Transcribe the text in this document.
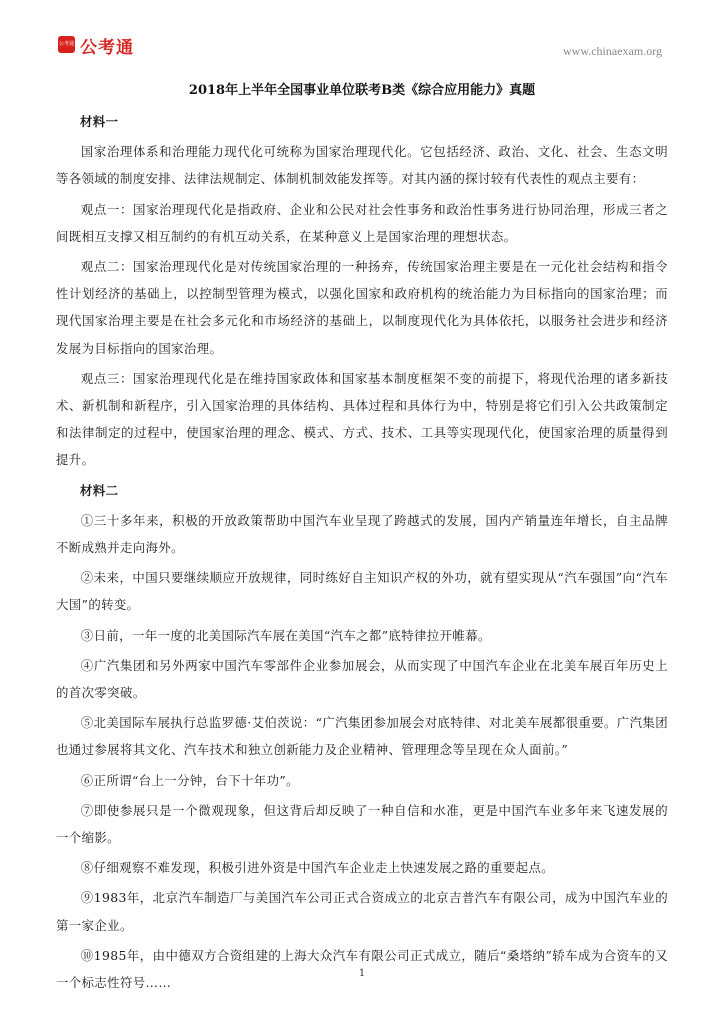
公考通 公考通	www.chinaexam.org
2018年上半年全国事业单位联考B类《综合应用能力》真题
材料一

国家治理体系和治理能力现代化可统称为国家治理现代化。它包括经济、政治、文化、社会、生态文明等各领域的制度安排、法律法规制定、体制机制效能发挥等。对其内涵的探讨较有代表性的观点主要有：

观点一：国家治理现代化是指政府、企业和公民对社会性事务和政治性事务进行协同治理，形成三者之间既相互支撑又相互制约的有机互动关系，在某种意义上是国家治理的理想状态。

观点二：国家治理现代化是对传统国家治理的一种扬弃，传统国家治理主要是在一元化社会结构和指令性计划经济的基础上，以控制型管理为模式，以强化国家和政府机构的统治能力为目标指向的国家治理；而现代国家治理主要是在社会多元化和市场经济的基础上，以制度现代化为具体依托，以服务社会进步和经济发展为目标指向的国家治理。

观点三：国家治理现代化是在维持国家政体和国家基本制度框架不变的前提下，将现代治理的诸多新技术、新机制和新程序，引入国家治理的具体结构、具体过程和具体行为中，特别是将它们引入公共政策制定和法律制定的过程中，使国家治理的理念、模式、方式、技术、工具等实现现代化，使国家治理的质量得到提升。

材料二

①三十多年来，积极的开放政策帮助中国汽车业呈现了跨越式的发展，国内产销量连年增长，自主品牌不断成熟并走向海外。

②未来，中国只要继续顺应开放规律，同时练好自主知识产权的外功，就有望实现从“汽车强国”向“汽车大国”的转变。

③日前，一年一度的北美国际汽车展在美国“汽车之都”底特律拉开帷幕。

④广汽集团和另外两家中国汽车零部件企业参加展会，从而实现了中国汽车企业在北美车展百年历史上的首次零突破。

⑤北美国际车展执行总监罗德·艾伯茨说：“广汽集团参加展会对底特律、对北美车展都很重要。广汽集团也通过参展将其文化、汽车技术和独立创新能力及企业精神、管理理念等呈现在众人面前。”

⑥正所谓“台上一分钟，台下十年功”。

⑦即使参展只是一个微观现象，但这背后却反映了一种自信和水准，更是中国汽车业多年来飞速发展的一个缩影。

⑧仔细观察不难发现，积极引进外资是中国汽车企业走上快速发展之路的重要起点。

⑨1983年，北京汽车制造厂与美国汽车公司正式合资成立的北京吉普汽车有限公司，成为中国汽车业的第一家企业。

⑩1985年，由中德双方合资组建的上海大众汽车有限公司正式成立，随后“桑塔纳”轿车成为合资车的又一个标志性符号……

1
